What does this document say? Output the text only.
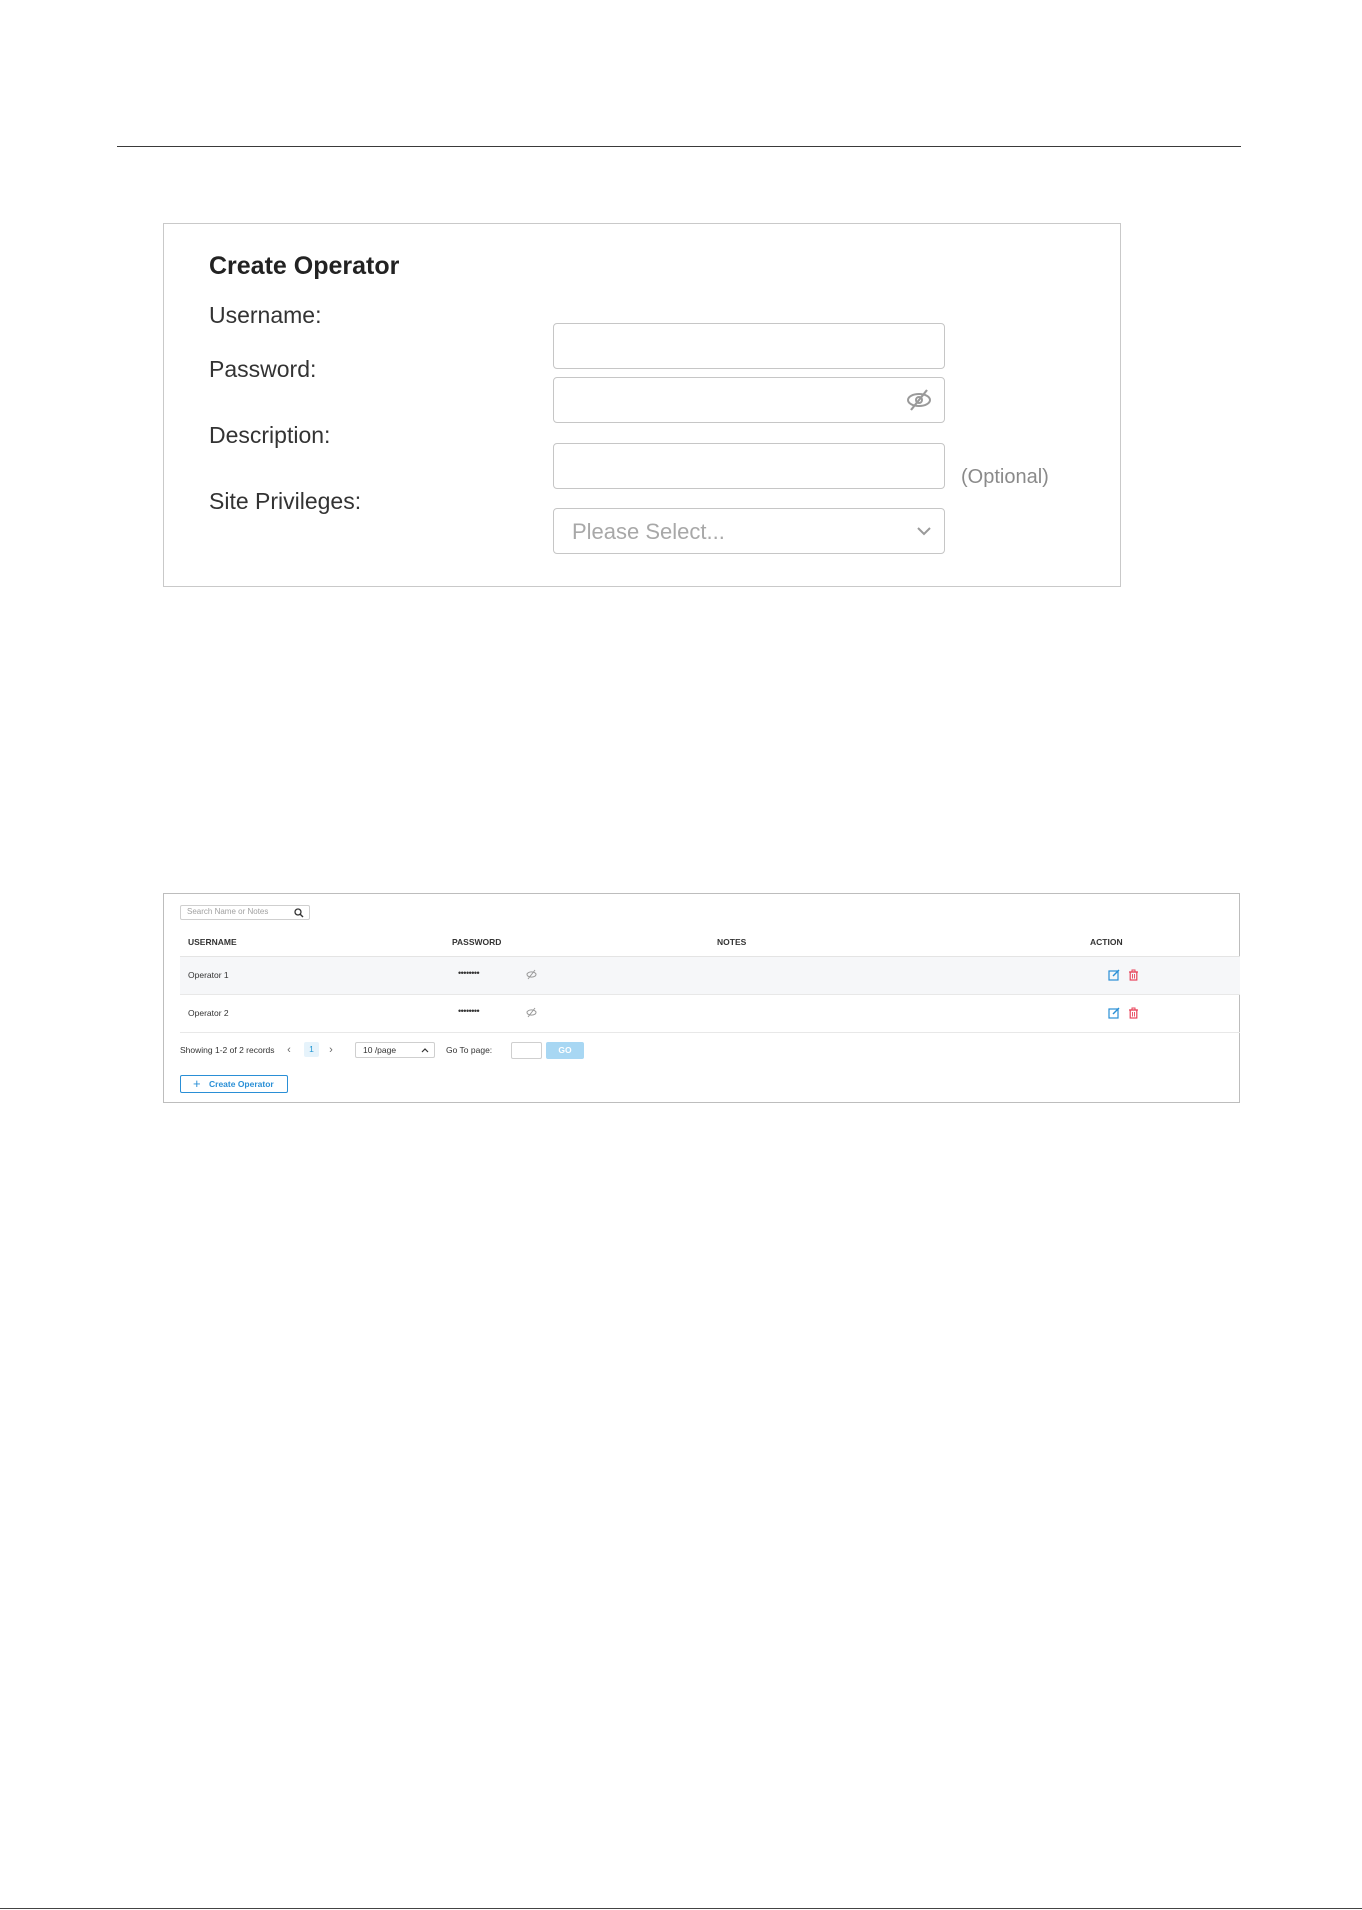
Create Operator
Username:
Password:
Description:
(Optional)
Site Privileges:
Please Select...
Search Name or Notes
USERNAME	PASSWORD	NOTES	ACTION
Operator 1	••••••••
Operator 2	••••••••
Showing 1-2 of 2 records	‹	1	›	10 /page	Go To page:	GO
+ Create Operator
